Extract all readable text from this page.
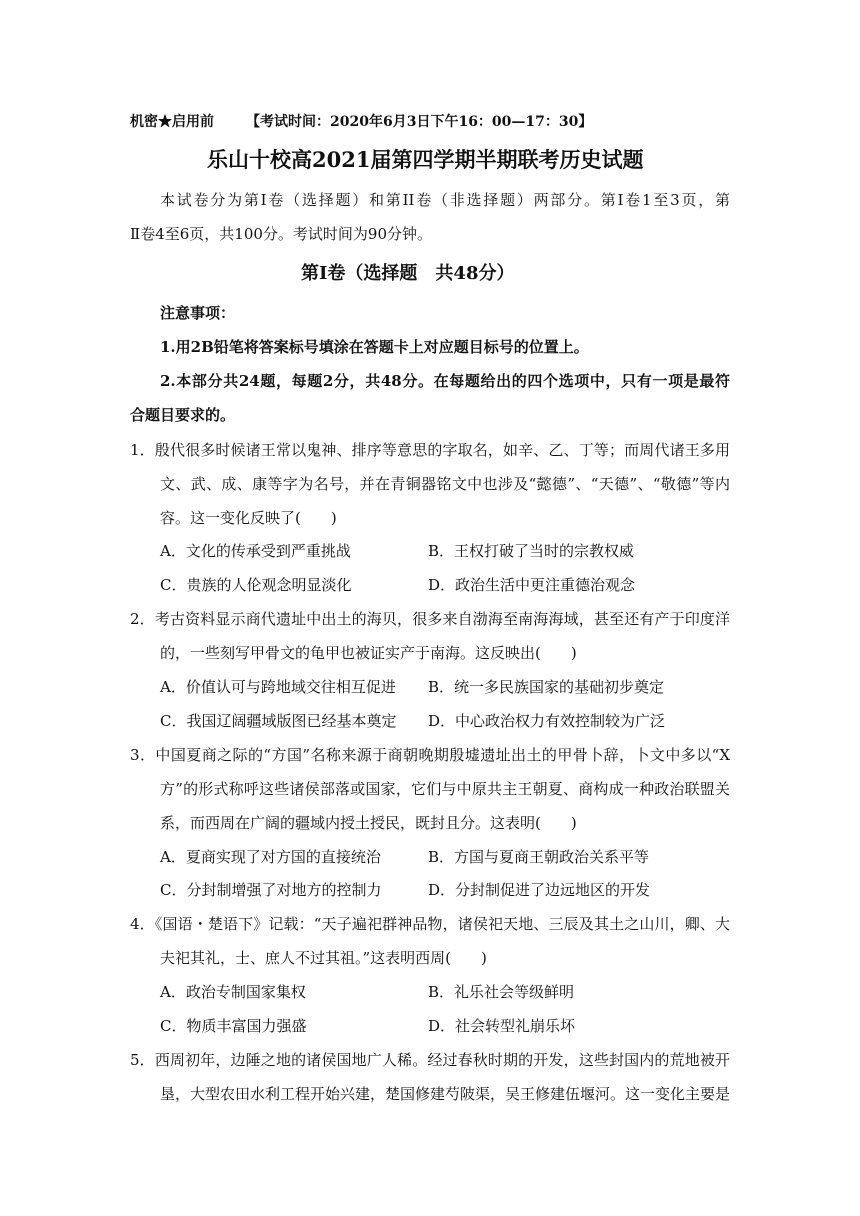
机密★启用前 【考试时间：2020年6月3日下午16：00—17：30】
乐山十校高2021届第四学期半期联考历史试题
本试卷分为第Ⅰ卷（选择题）和第II卷（非选择题）两部分。第Ⅰ卷1至3页，第
Ⅱ卷4至6页，共100分。考试时间为90分钟。
第Ⅰ卷（选择题　共48分）
注意事项：
1.用2B铅笔将答案标号填涂在答题卡上对应题目标号的位置上。
2.本部分共24题，每题2分，共48分。在每题给出的四个选项中，只有一项是最符
合题目要求的。
1．殷代很多时候诸王常以鬼神、排序等意思的字取名，如辛、乙、丁等；而周代诸王多用
文、武、成、康等字为名号，并在青铜器铭文中也涉及“懿德”、“天德”、“敬德”等内
容。这一变化反映了(　　)
A．文化的传承受到严重挑战	B．王权打破了当时的宗教权威
C．贵族的人伦观念明显淡化	D．政治生活中更注重德治观念
2．考古资料显示商代遗址中出土的海贝，很多来自渤海至南海海域，甚至还有产于印度洋
的，一些刻写甲骨文的龟甲也被证实产于南海。这反映出(　　)
A．价值认可与跨地域交往相互促进 B．统一多民族国家的基础初步奠定
C．我国辽阔疆域版图已经基本奠定 D．中心政治权力有效控制较为广泛
3．中国夏商之际的“方国”名称来源于商朝晚期殷墟遗址出土的甲骨卜辞，卜文中多以“X
方”的形式称呼这些诸侯部落或国家，它们与中原共主王朝夏、商构成一种政治联盟关
系，而西周在广阔的疆域内授土授民，既封且分。这表明(　　)
A．夏商实现了对方国的直接统治	B．方国与夏商王朝政治关系平等
C．分封制增强了对地方的控制力	D．分封制促进了边远地区的开发
4．《国语・楚语下》记载：“天子遍祀群神品物，诸侯祀天地、三辰及其土之山川，卿、大
夫祀其礼，士、庶人不过其祖。”这表明西周(　　)
A．政治专制国家集权	B．礼乐社会等级鲜明
C．物质丰富国力强盛	D．社会转型礼崩乐坏
5．西周初年，边陲之地的诸侯国地广人稀。经过春秋时期的开发，这些封国内的荒地被开
垦，大型农田水利工程开始兴建，楚国修建芍陂渠，吴王修建伍堰河。这一变化主要是
